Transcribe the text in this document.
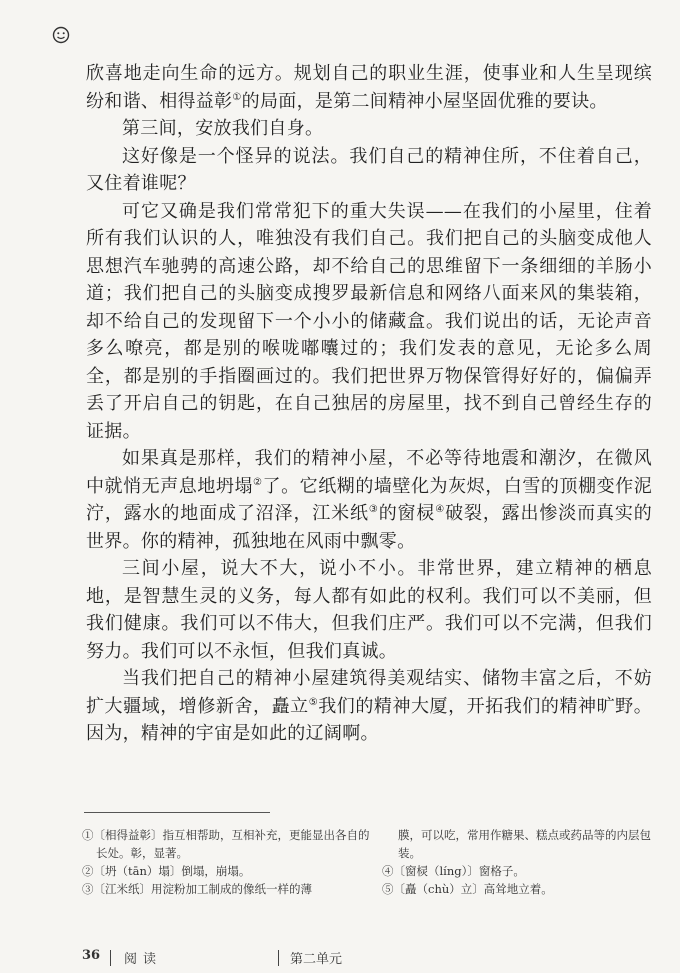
欣喜地走向生命的远方。规划自己的职业生涯，使事业和人生呈现缤纷和谐、相得益彰①的局面，是第二间精神小屋坚固优雅的要诀。

第三间，安放我们自身。

这好像是一个怪异的说法。我们自己的精神住所，不住着自己，又住着谁呢？

可它又确是我们常常犯下的重大失误——在我们的小屋里，住着所有我们认识的人，唯独没有我们自己。我们把自己的头脑变成他人思想汽车驰骋的高速公路，却不给自己的思维留下一条细细的羊肠小道；我们把自己的头脑变成搜罗最新信息和网络八面来风的集装箱，却不给自己的发现留下一个小小的储藏盒。我们说出的话，无论声音多么嘹亮，都是别的喉咙嘟囔过的；我们发表的意见，无论多么周全，都是别的手指圈画过的。我们把世界万物保管得好好的，偏偏弄丢了开启自己的钥匙，在自己独居的房屋里，找不到自己曾经生存的证据。

如果真是那样，我们的精神小屋，不必等待地震和潮汐，在微风中就悄无声息地坍塌②了。它纸糊的墙壁化为灰烬，白雪的顶棚变作泥泞，露水的地面成了沼泽，江米纸③的窗棂④破裂，露出惨淡而真实的世界。你的精神，孤独地在风雨中飘零。

三间小屋，说大不大，说小不小。非常世界，建立精神的栖息地，是智慧生灵的义务，每人都有如此的权利。我们可以不美丽，但我们健康。我们可以不伟大，但我们庄严。我们可以不完满，但我们努力。我们可以不永恒，但我们真诚。

当我们把自己的精神小屋建筑得美观结实、储物丰富之后，不妨扩大疆域，增修新舍，矗立⑤我们的精神大厦，开拓我们的精神旷野。因为，精神的宇宙是如此的辽阔啊。

①〔相得益彰〕指互相帮助，互相补充，更能显出各自的长处。彰，显著。

②〔坍（tān）塌〕倒塌，崩塌。

③〔江米纸〕用淀粉加工制成的像纸一样的薄

膜，可以吃，常用作糖果、糕点或药品等的内层包装。

④〔窗棂（líng）〕窗格子。

⑤〔矗（chù）立〕高耸地立着。

36 阅读	第二单元
